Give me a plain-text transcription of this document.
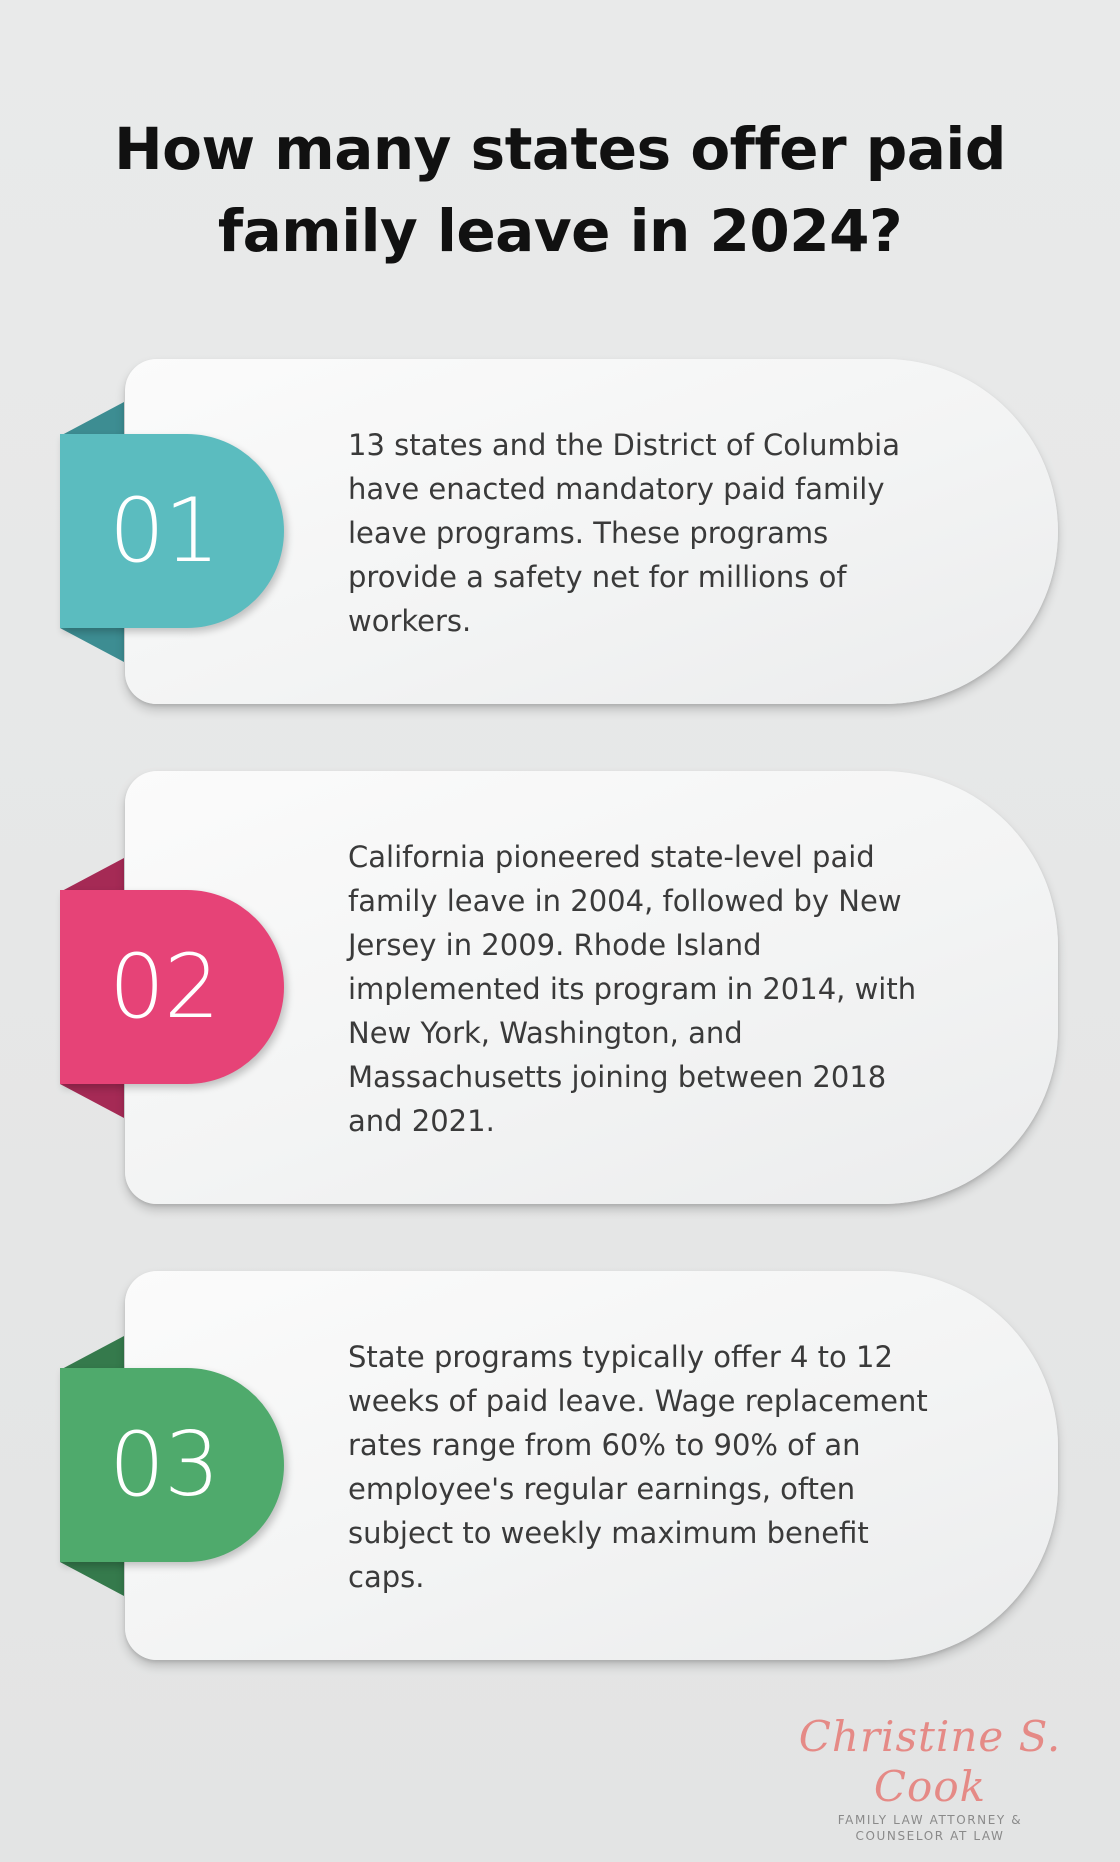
How many states offer paid
family leave in 2024?
13 states and the District of Columbia have enacted mandatory paid family leave programs. These programs provide a safety net for millions of workers.
01
California pioneered state-level paid family leave in 2004, followed by New Jersey in 2009. Rhode Island implemented its program in 2014, with New York, Washington, and Massachusetts joining between 2018 and 2021.
02
State programs typically offer 4 to 12 weeks of paid leave. Wage replacement rates range from 60% to 90% of an employee's regular earnings, often subject to weekly maximum benefit caps.
03
Christine S. Cook
FAMILY LAW ATTORNEY &
COUNSELOR AT LAW
